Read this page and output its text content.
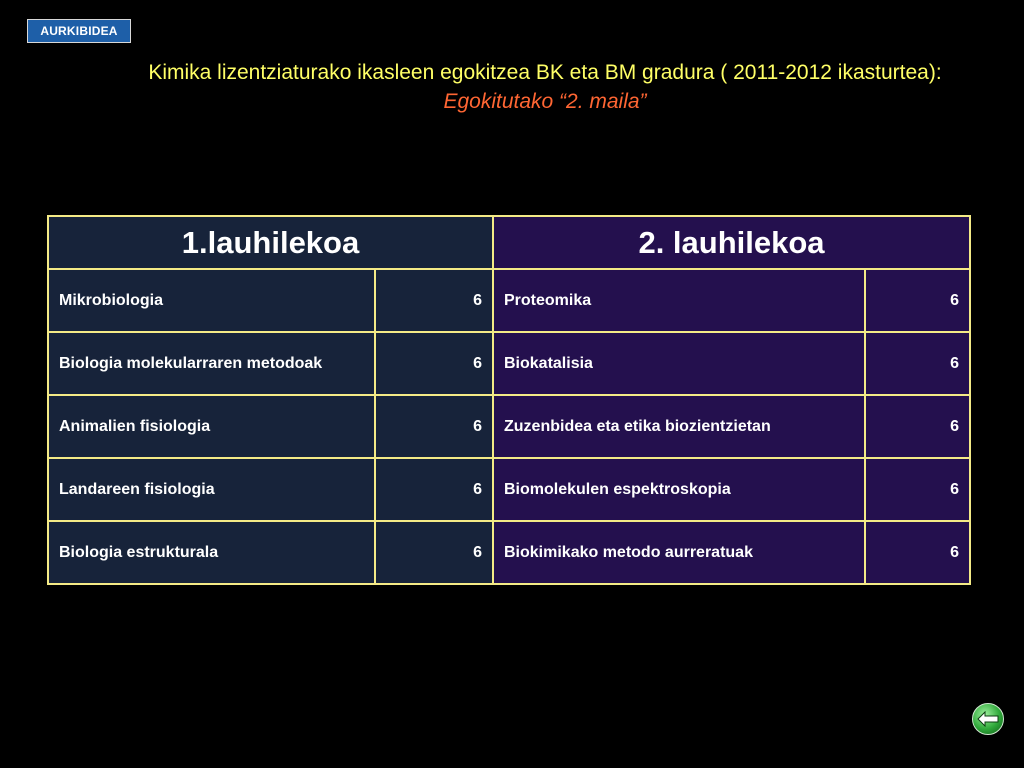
AURKIBIDEA
Kimika lizentziaturako ikasleen egokitzea BK eta BM gradura ( 2011-2012 ikasturtea): Egokitutako “2. maila”
1.lauhilekoa		2. lauhilekoa	
Mikrobiologia	6	Proteomika	6
Biologia molekularraren metodoak	6	Biokatalisia	6
Animalien fisiologia	6	Zuzenbidea eta etika biozientzietan	6
Landareen fisiologia	6	Biomolekulen espektroskopia	6
Biologia estrukturala	6	Biokimikako metodo aurreratuak	6
